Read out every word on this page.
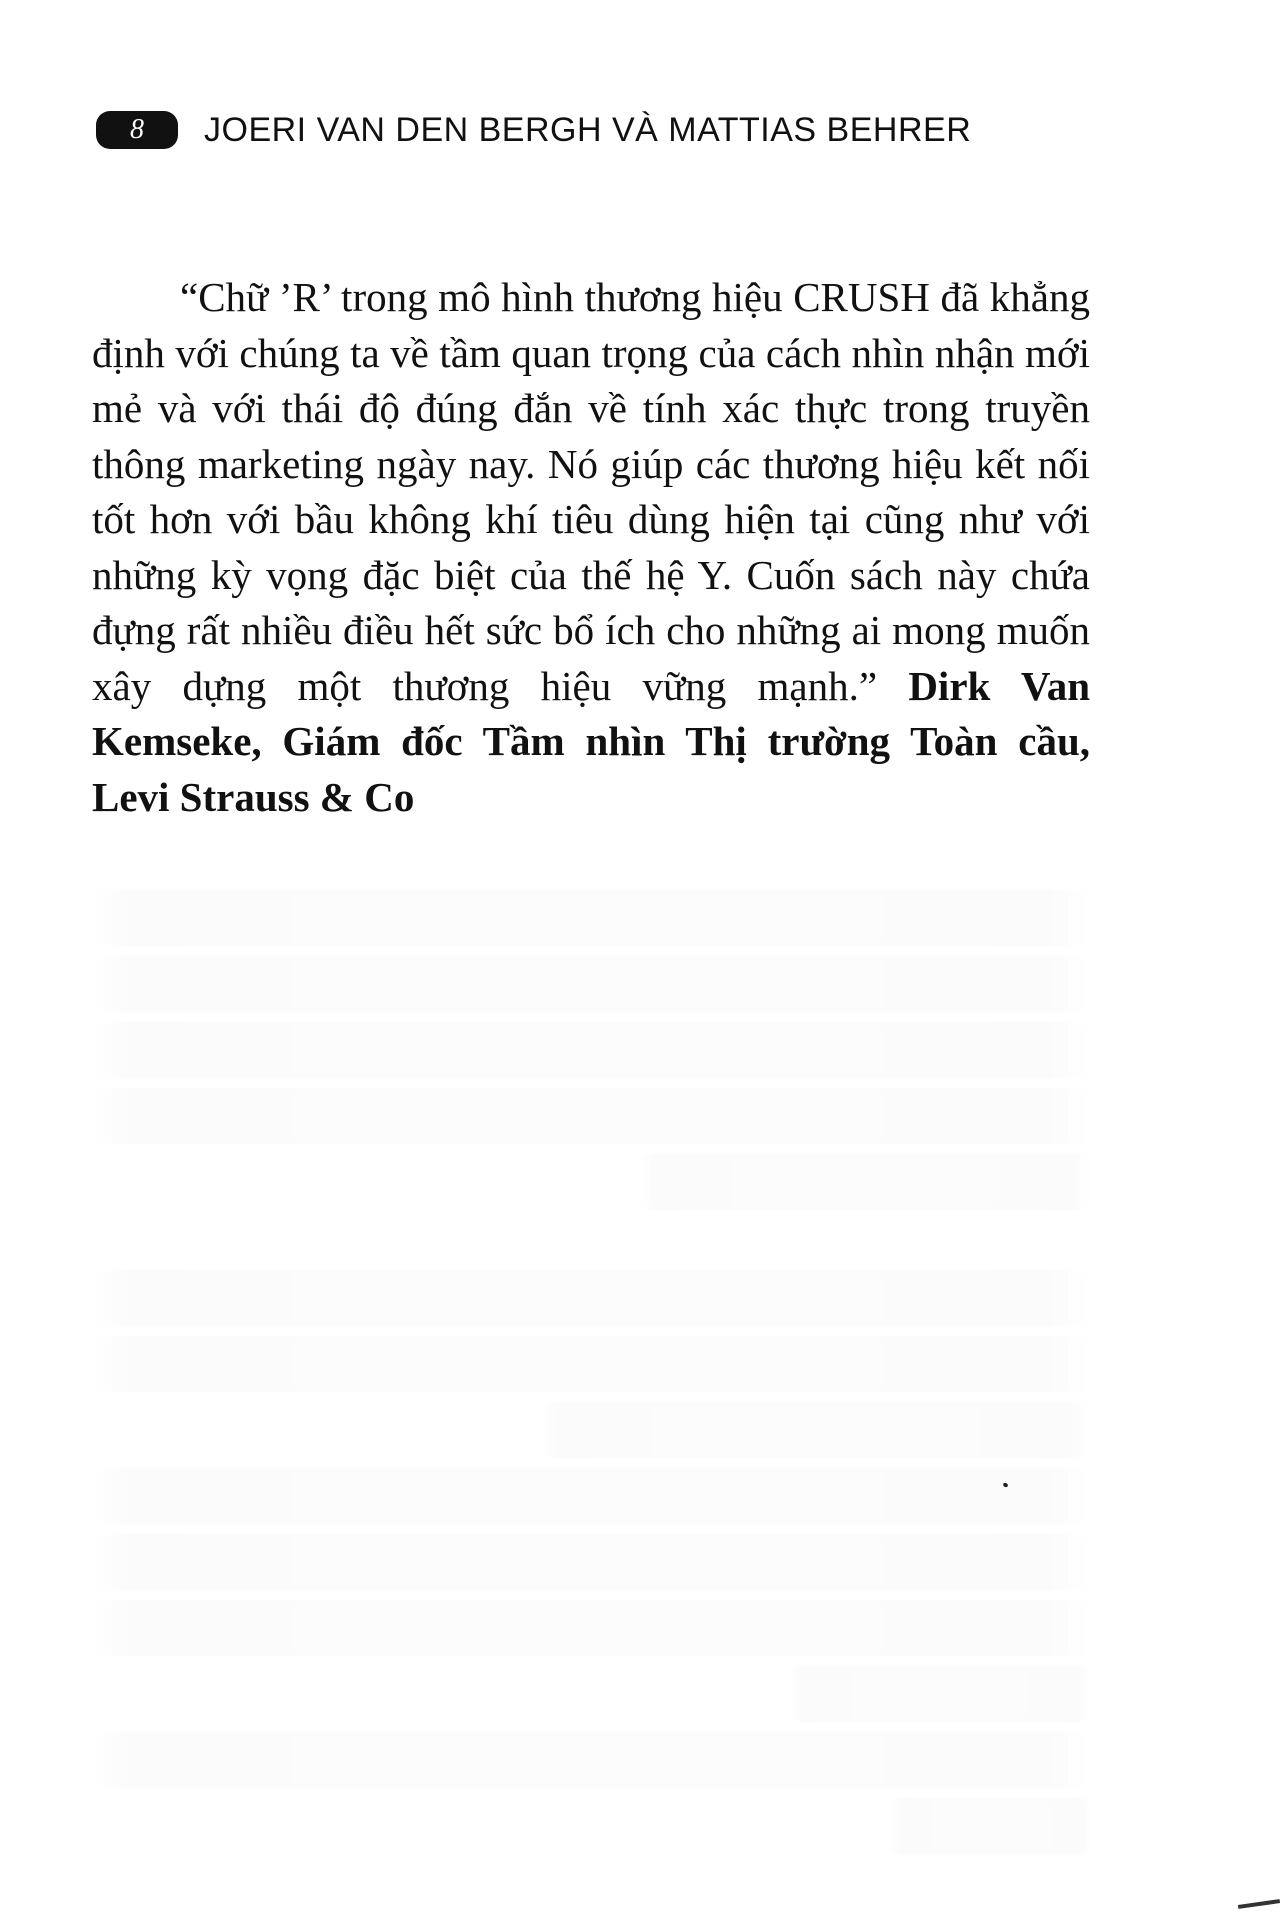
8 JOERI VAN DEN BERGH VÀ MATTIAS BEHRER
“Chữ ’R’ trong mô hình thương hiệu CRUSH đã khẳng định với chúng ta về tầm quan trọng của cách nhìn nhận mới mẻ và với thái độ đúng đắn về tính xác thực trong truyền thông marketing ngày nay. Nó giúp các thương hiệu kết nối tốt hơn với bầu không khí tiêu dùng hiện tại cũng như với những kỳ vọng đặc biệt của thế hệ Y. Cuốn sách này chứa đựng rất nhiều điều hết sức bổ ích cho những ai mong muốn xây dựng một thương hiệu vững mạnh.” Dirk Van Kemseke, Giám đốc Tầm nhìn Thị trường Toàn cầu, Levi Strauss & Co
